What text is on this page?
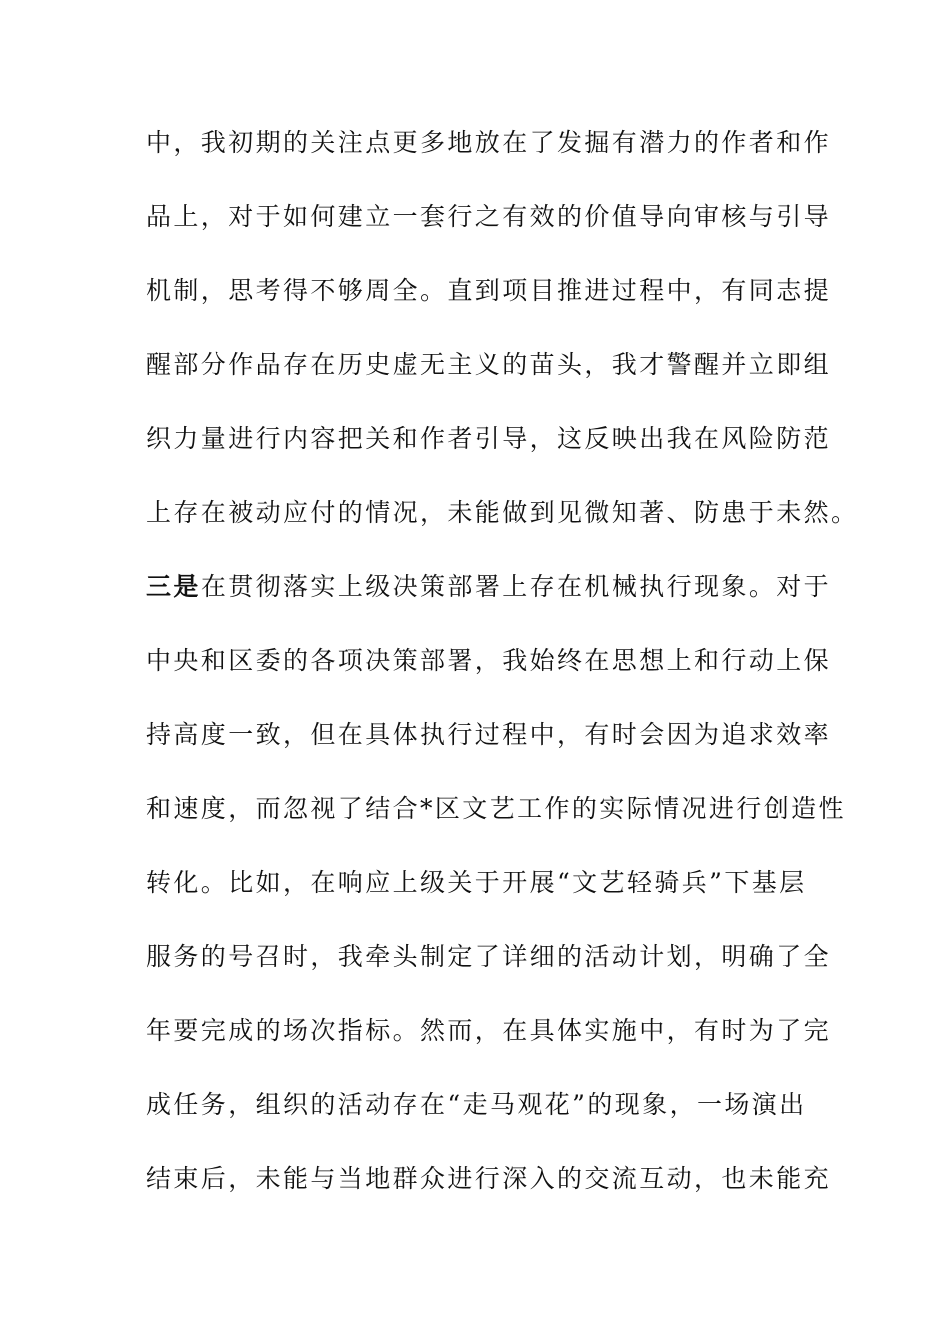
中，我初期的关注点更多地放在了发掘有潜力的作者和作
品上，对于如何建立一套行之有效的价值导向审核与引导
机制，思考得不够周全。直到项目推进过程中，有同志提
醒部分作品存在历史虚无主义的苗头，我才警醒并立即组
织力量进行内容把关和作者引导，这反映出我在风险防范
上存在被动应付的情况，未能做到见微知著、防患于未然。
三是在贯彻落实上级决策部署上存在机械执行现象。对于
中央和区委的各项决策部署，我始终在思想上和行动上保
持高度一致，但在具体执行过程中，有时会因为追求效率
和速度，而忽视了结合*区文艺工作的实际情况进行创造性
转化。比如，在响应上级关于开展“文艺轻骑兵”下基层
服务的号召时，我牵头制定了详细的活动计划，明确了全
年要完成的场次指标。然而，在具体实施中，有时为了完
成任务，组织的活动存在“走马观花”的现象，一场演出
结束后，未能与当地群众进行深入的交流互动，也未能充
